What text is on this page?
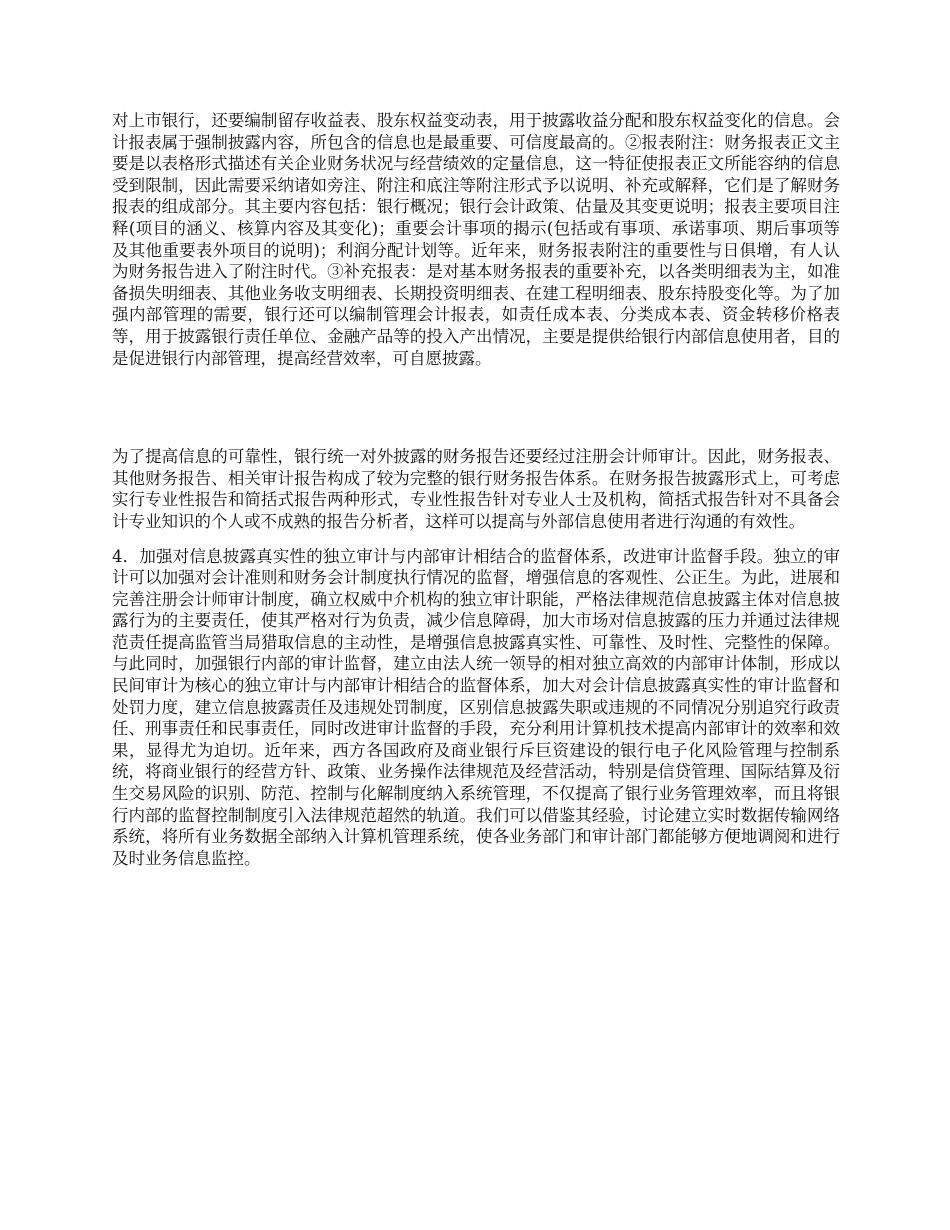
对上市银行，还要编制留存收益表、股东权益变动表，用于披露收益分配和股东权益变化的信息。会计报表属于强制披露内容，所包含的信息也是最重要、可信度最高的。②报表附注：财务报表正文主要是以表格形式描述有关企业财务状况与经营绩效的定量信息，这一特征使报表正文所能容纳的信息受到限制，因此需要采纳诸如旁注、附注和底注等附注形式予以说明、补充或解释，它们是了解财务报表的组成部分。其主要内容包括：银行概况；银行会计政策、估量及其变更说明；报表主要项目注释(项目的涵义、核算内容及其变化)；重要会计事项的揭示(包括或有事项、承诺事项、期后事项等及其他重要表外项目的说明)；利润分配计划等。近年来，财务报表附注的重要性与日俱增，有人认为财务报告进入了附注时代。③补充报表：是对基本财务报表的重要补充，以各类明细表为主，如准备损失明细表、其他业务收支明细表、长期投资明细表、在建工程明细表、股东持股变化等。为了加强内部管理的需要，银行还可以编制管理会计报表，如责任成本表、分类成本表、资金转移价格表等，用于披露银行责任单位、金融产品等的投入产出情况，主要是提供给银行内部信息使用者，目的是促进银行内部管理，提高经营效率，可自愿披露。

为了提高信息的可靠性，银行统一对外披露的财务报告还要经过注册会计师审计。因此，财务报表、其他财务报告、相关审计报告构成了较为完整的银行财务报告体系。在财务报告披露形式上，可考虑实行专业性报告和简括式报告两种形式，专业性报告针对专业人士及机构，简括式报告针对不具备会计专业知识的个人或不成熟的报告分析者，这样可以提高与外部信息使用者进行沟通的有效性。

4．加强对信息披露真实性的独立审计与内部审计相结合的监督体系，改进审计监督手段。独立的审计可以加强对会计准则和财务会计制度执行情况的监督，增强信息的客观性、公正生。为此，进展和完善注册会计师审计制度，确立权威中介机构的独立审计职能，严格法律规范信息披露主体对信息披露行为的主要责任，使其严格对行为负责，减少信息障碍，加大市场对信息披露的压力并通过法律规范责任提高监管当局猎取信息的主动性，是增强信息披露真实性、可靠性、及时性、完整性的保障。与此同时，加强银行内部的审计监督，建立由法人统一领导的相对独立高效的内部审计体制，形成以民间审计为核心的独立审计与内部审计相结合的监督体系，加大对会计信息披露真实性的审计监督和处罚力度，建立信息披露责任及违规处罚制度，区别信息披露失职或违规的不同情况分别追究行政责任、刑事责任和民事责任，同时改进审计监督的手段，充分利用计算机技术提高内部审计的效率和效果，显得尤为迫切。近年来，西方各国政府及商业银行斥巨资建设的银行电子化风险管理与控制系统，将商业银行的经营方针、政策、业务操作法律规范及经营活动，特别是信贷管理、国际结算及衍生交易风险的识别、防范、控制与化解制度纳入系统管理，不仅提高了银行业务管理效率，而且将银行内部的监督控制制度引入法律规范超然的轨道。我们可以借鉴其经验，讨论建立实时数据传输网络系统，将所有业务数据全部纳入计算机管理系统，使各业务部门和审计部门都能够方便地调阅和进行及时业务信息监控。
